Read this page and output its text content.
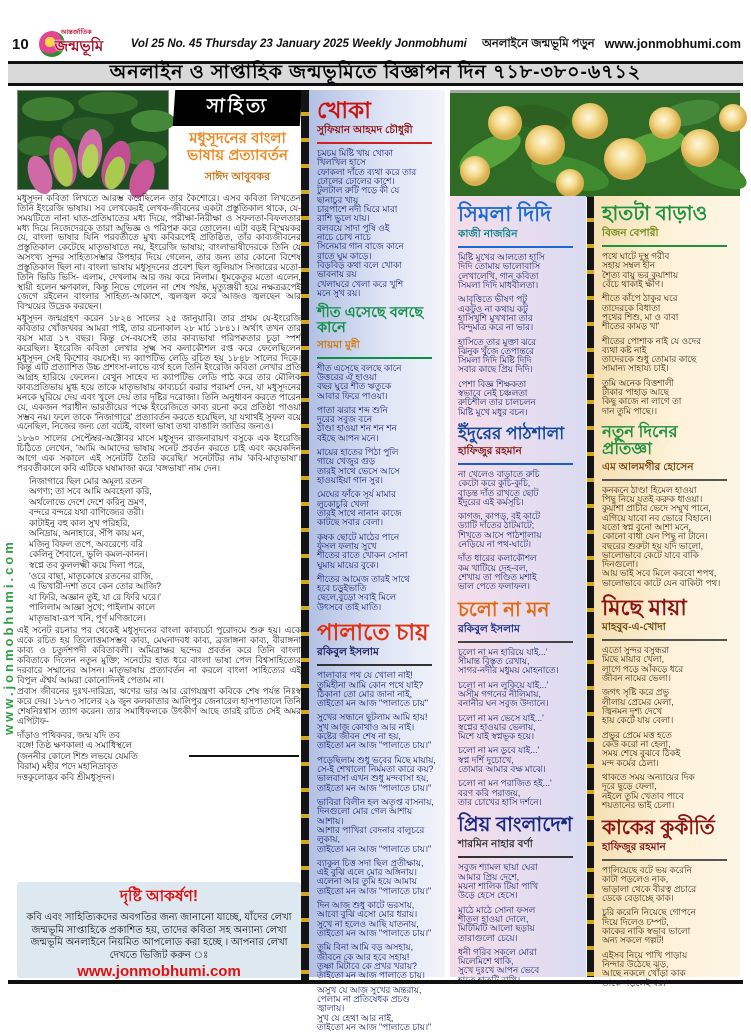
10
আন্তর্জাতিক
জন্মভূমি Vol 25 No. 45 Thursday 23 January 2025 Weekly Jonmobhumi অনলাইনে জন্মভূমি পড়ুন www.jonmobhumi.com
অনলাইন ও সাপ্তাহিক জন্মভূমিতে বিজ্ঞাপন দিন ৭১৮-৩৮০-৬৭১২
www.jonmobhumi.com
সাহিত্য
মধুসূদনের বাংলা ভাষায় প্রত্যাবর্তন
সাঈদ আবুবকর

মধুসূদন কবিতা লিখতে আরম্ভ করেছিলেন তার কৈশোরে। এসব কবিতা লিখতেন তিনি ইংরেজি ভাষায়। সব লেখকেরই লেখক-জীবনের একটা প্রস্তুতিকাল থাকে, যে-সময়টিতে নানা ঘাত-প্রতিঘাতের মধ্য দিয়ে, পরীক্ষা-নিরীক্ষা ও সফলতা-বিফলতার মধ্য দিয়ে নিজেদেরকে তারা অভিজ্ঞ ও পরিপক্ব করে তোলেন। এটা বড়ই বিস্ময়কর যে, বাংলা ভাষার যিনি পরবর্তীতে মুখ্য কবিরূপেই প্রতিষ্ঠিত, তাঁর কাব্যজীবনের প্রস্তুতিকাল কেটেছে মাতৃভাষাতে নয়, ইংরেজি ভাষায়; বাংলাভাষীদেরকে তিনি যে অসংখ্য সুন্দর সাহিত্যসম্ভার উপহার দিয়ে গেলেন, তার জন্য তার কোনো বিশেষ প্রস্তুতিকাল ছিল না। বাংলা ভাষায় মধুসূদনের প্রবেশ ছিল জুলিয়াস সিজারের মতো- তিনি ভিডি ভিসি- এলাম, দেখলাম আর জয় করে নিলাম। ধূমকেতুর মতো এলেন, স্থায়ী হলেন ক্ষণকাল, কিন্তু নিভে গেলেন না শেষ পর্যন্ত, মৃত্যুঞ্জয়ী হয়ে নক্ষত্ররূপেই জেগে রইলেন বাংলার সাহিত্য-আকাশে, জ্বলজ্বল করে আজও জ্বলছেন আর বিস্ময়ের উদ্রেক করছেন।

মধুসূদন জন্মগ্রহণ করেন ১৮২৪ সালের ২৫ জানুয়ারি। তার প্রথম যে-ইংরেজি কবিতার খোঁজখবর আমরা পাই, তার রচনাকাল ২৮ মার্চ ১৮৪১। অর্থাৎ তখন তার বয়স মাত্র ১৭ বছর। কিন্তু সে-বয়সেই তার কাব্যভাষা পরিপক্বতার চূড়া স্পর্শ করেছিল। ইংরেজি কবিতা লেখার সূক্ষ্ম সব কলাকৌশল রপ্ত করে ফেলেছিলেন মধুসূদন সেই কিশোর বয়সেই। দ্য ক্যাপটিভ লেডি রচিত হয় ১৮৪৮ সালের দিকে। কিন্তু এটি প্রত্যাশিত উচ্চ প্রশংসা-লাভে ব্যর্থ হলে তিনি ইংরেজি কবিতা লেখার প্রতি আগ্রহ হারিয়ে ফেলেন। বেথুন সাহেব দ্য ক্যাপটিভ লেডি পাঠ করে তার মৌলিক কাব্যপ্রতিভায় মুগ্ধ হয়ে তাকে মাতৃভাষায় কাব্যচর্চা করার পরামর্শ দেন, যা মধুসূদনের মনকে ঘুরিয়ে দেয় এবং খুলে দেয় তার দৃষ্টির দরোজা। তিনি অনুধাবন করতে পারেন যে, একজন পরাধীন ভারতীয়ের পক্ষে ইংরেজিতে কাব্য রচনা করে প্রতিষ্ঠা পাওয়া সম্ভব নয়। ফলে তাকে 'নিজাগারে' প্রত্যাবর্তন করতে হয়েছিল, যা যথার্থই সুফল বয়ে এনেছিল, নিজের জন্য তো বটেই, বাংলা ভাষা তথা বাঙালি জাতির জন্যও।

১৮৬০ সালের সেপ্টেম্বর-অক্টোবর মাসে মধুসূদন রাজনারায়ণ বসুকে এক ইংরেজি চিঠিতে লেখেন, 'আমি আমাদের ভাষায় সনেট প্রবর্তন করতে চাই এবং কয়েকদিন আগে এক সকালে এই সনেটটি তৈরি করেছি।' সনেটটির নাম 'কবি-মাতৃভাষা'। পরবর্তীকালে কবি এটিকে ঘষামাজা করে 'বঙ্গভাষা' নাম দেন।

নিজাগারে ছিল মোর অমূল্য রতন
অগণ্য; তা সবে আমি অবহেলা করি,
অর্থলোভে দেশে দেশে করিনু ভ্রমণ,
বন্দরে বন্দরে যথা বাণিজ্যের তরী।
কাটাইনু বহু কাল সুখ পরিহরি,
অনিদ্রায়, অনাহারে, সঁপি কায় মন,
মজিনু বিফল তপে, অবরেণ্যে বরি
কেলিনু শৈবালে, ভুলি কমল-কানন।
স্বপ্নে তব কুললক্ষ্মী কয়ে দিলা পরে,
'ওরে বাছা, মাতৃকোষে রতনের রাজি,
এ ভিখারী-দশা তবে কেন তোর আজি?
যা ফিরি, অজ্ঞান তুই, যা রে ফিরি ঘরে।'
পালিলাম আজ্ঞা সুখে; পাইলাম কালে
মাতৃভাষা-রূপ খনি, পূর্ণ মণিজালে।

এই সনেট রচনার পর থেকেই মধুসূদনের বাংলা কাব্যচর্চা পুরোদমে শুরু হয়। একে একে রচিত হয় তিলোত্তমাসম্ভব কাব্য, মেঘনাদবধ কাব্য, ব্রজাঙ্গনা কাব্য, বীরাঙ্গনা কাব্য ও চতুর্দশপদী কবিতাবলী। অমিত্রাক্ষর ছন্দের প্রবর্তন করে তিনি বাংলা কবিতাকে দিলেন নতুন মুক্তি; সনেটের হাত ধরে বাংলা ভাষা পেল বিশ্বসাহিত্যের দরবারে সম্মানের আসন। মাতৃভাষায় প্রত্যাবর্তন না করলে বাংলা সাহিত্যের এই বিপুল ঐশ্বর্য আমরা কোনোদিনই পেতাম না।

প্রবাস জীবনের দুঃখ-দারিদ্র্য, ঋণের ভার আর রোগযন্ত্রণা কবিকে শেষ পর্যন্ত নিঃস্ব করে দেয়। ১৮৭৩ সালের ২৯ জুন কলকাতার আলিপুর জেনারেল হাসপাতালে তিনি শেষনিঃশ্বাস ত্যাগ করেন। তার সমাধিফলকে উৎকীর্ণ আছে তারই রচিত সেই অমর এপিটাফ-

দাঁড়াও পথিকবর, জন্ম যদি তব
বঙ্গে! তিষ্ঠ ক্ষণকাল! এ সমাধিস্থলে
(জননীর কোলে শিশু লভয়ে যেমতি
বিরাম) মহীর পদে মহানিদ্রাবৃত
দত্তকুলোদ্ভব কবি শ্রীমধুসূদন।
দৃষ্টি আকর্ষণ!
কবি এবং সাহিত্যিকদের অবগতির জন্য জানানো যাচ্ছে, যাঁদের লেখা জন্মভূমি সাপ্তাহিকে প্রকাশিত হয়, তাদের কবিতা সহ অন্যান্য লেখা জন্মভূমি অনলাইনে নিয়মিত আপলোড করা হচ্ছে । আপনার লেখা দেখতে ভিজিট করুন ঃ
www.jonmobhumi.com
খোকা
সুফিয়ান আহমদ চৌধুরী
চমচম মিষ্টি খায় খোকা
খিলখিল হাসে
ফোকলা দাঁতে ব্যথা করে তার
ঢোলের ঢোলের কাশে।
টুলটাল রুটি পড়ে কী যে
ছানাচুর খায়
চারপাশে নদী ঘিরে মারা
রাশি ভুলে যায়।
বলবয়ে সাদা পুষি ওই
নাচে চোখ নাচে
সিনেমার গান বাজে কানে
রাতে ঘুম কাড়ে।
বিড়বিড় কথা বলে খোকা
ভাবনায় রয়
খেলাঘরে খেলা করে খুশি
মনে সুখ রয়।
শীত এসেছে বলছে কানে
সায়মা মুন্নী
শীত এসেছে বলছে কানে
উত্তরের ঐ হাওয়া
বছর ঘুরে শীত ঋতুকে
আবার ফিরে পাওয়া।
পাতা ঝরার শব্দ শুনি
দূরের সবুজ বনে
ঠাণ্ডা হাওয়া শন শন শন
বইছে আপন মনে।
মায়ের হাতের পিঠা পুলি
গায়ে খেজুর গুড়
তারই সাথে ভেসে আসে
হাওয়াইয়া গান সুর।
মেঘের ফাঁকে সূর্য মামার
লুকোচুরি খেলা
তারই সাথে নানান কাজে
কাটছে সবার বেলা।
কৃষক ছোটে মাঠের পানে
ফসল ফলায় সুখে
শীতের রাতে খোকন সোনা
ঘুমায় মায়ের বুকে।
শীতের আমেজ তারই সাথে
হবে চড়ুইভাতি
ছেলে,বুড়ো সবাই মিলে
উৎসবে তাই মাতি।
পালাতে চায়
রকিবুল ইসলাম
পালাবার পথ যে খোলা নাই!
তুমিহীনা আমি কোন পথে যাই?
ঠিকানা তো মোর জানা নাই,
তাইতো মন আজ "পালাতে চায়"
সুখের সন্ধানে ছুটলাম আমি হায়!
সুখ আজ কোথাও আর নাই।
কষ্টের জীবন শেষ না হয়,
তাইতো মন আজ "পালাতে চায়।"
পড়েছিলাম শুধু ভবের মিছে মায়ায়,
সে-ই শেখালো নির্মমতা কারে কয়?
ভালবাসা এখন শুধু মন্দবাসা হয়,
তাইতো মন আজ "পালাতে চায়।"
ভাবিরা বিলীন হল অতৃপ্ত বাসনায়,
দিনগুলো মোর গেল আশায় আশায়।
আশার পাখিরা বেদনার বালুচরে লুকায়,
তাইতো মন আজ "পালাতে চায়।"
ব্যাকুল চিত্ত সদা ছিল প্রতীক্ষায়,
এই বুঝি এলে মোর অঙ্গিনায়।
এলেনা আর তুমি হয়ে আমায়
তাইতো মন আজ "পালাতে চায়।"
দিন আজ শুধু কাটে ভরসায়,
আবো বুঝি এসো মোর ধরায়।
সুখে না হলেও আছি যাতনায়,
তাইতো মন আজ "পালাতে চায়।"
তুমি বিনা আমি বড় অসহায়,
জীবনে কে আর হবে সহায়!
তৃষ্ণা মিটাবে কে প্রখর খরায়?
তাইতো মন আজ পালাতে চায়।
অসুখ যে আজ সুখের অন্তরায়,
পেলাম না প্রতিষেধক প্রচণ্ড জ্বালায়।
সুখ যে হেথা আর নাই,
তাইতো মন আজ "পালাতে চায়।"
সিমলা দিদি
কাজী নাজরিন
মিষ্টি মুখের আলতো হাসি
দিদি তোমায় ভালোবাসি
লেখালেখি, গান কবিতা
সিমলা দিদি মাধবীলতা।
আবৃত্তিতে ভীষণ পটু
একটুও না কথায় কটু
হাসিখুশি মুখখানা তার
বিন্দুমাত্র করে না ভার।
হাসিতে তার মুক্তা ঝরে
ঝিনুক খুঁজে তেপান্তরে
সিমলা দিদি মিষ্টি দিদি
সবার কাছে প্রিয় দিদি।
পেশা বিজ্ঞ শিক্ষকতা
স্বভাবে নেই চঞ্চলতা
রুচিশীল তার চালচলন
মিষ্টি মুখে মধুর বচন।
ইঁদুরের পাঠশালা
হাফিজুর রহমান
না খেলেও বাড়াতে রুচি
কেটো করে কুচি-কুচি,
বাড়ন্ত দাঁত রাখতে ছোট
ইঁদুরের এই কর্মসূচি।
কাগজ, কাপড়, বই কাটে
ড্যাটি দাঁতের ঠাটমাটে;
শিখতে আসে পাঠশালায়
নেড়িয়ে না পথ-ঘাটে।
দাঁত ধারের কলাকৌশল
কম খাটিয়ে দেহ-বল,
শেখায় তা পণ্ডিত মশাই
ভাল পেতে ফলাফল।
চলো না মন
রকিবুল ইসলাম
চলো না মন হারিয়ে যাই...'
সীমান্ত বিস্তৃত রেখায়,
সাগর-নদীর মধুময় মোহনাতে।
চলো না মন লুকিয়ে যাই...'
অসীম গগনের নীলিমায়,
বনানীর ঘন সবুজ উদ্যানে।
চলো না মন ভেসে যাই...'
স্বপ্নের হাওয়ার ভেলায়,
মিশে যাই স্বপ্নভূক হয়ে।
চলো না মন ডুবে যাই...'
স্বপ্ন দর্শি দুচোখে,
তোমার আমার বক্ষ মাঝে।
চলো না মন পরাজিত হই...'
বরণ করি পরাজয়,
তার চোখের হাসি দর্শনে।
প্রিয় বাংলাদেশ
শারমিন নাহার বর্ণা
সবুজ শ্যামল ছায়া ঘেরা
আমার প্রিয় দেশে,
ময়না শালিক টিয়া পাখি
উড়ে হেসে হেসে।
মাঠে মাঠে সোনা ফসল
শীতল হাওয়া দোলে,
মিটিমিটি আলো ছড়ায়
তারাগুলো চেয়ে।
ধনী গরিব সকলে মোরা
মিলেমিশে থাকি,
সুখে দুঃখে আপন ভেবে
হাতটা বাড়াও
বিজন বেপারী
পথে ঘাটে দুস্থ গরীব
সহায় সম্বল হীন
শৈত্য বায়ু ভর কুয়াশায়
বেঁচে থাকাই ক্ষীণ।
শীতে কাঁপে ঠাকুর ঘরে
তাদেরকে বিধাতা
পথের শিশু, মা ও বাবা
শীতের কামড় খা'
শীতের পোশাক নাই যে ওদের
ব্যথা কষ্ট নাই
তাদেরকে শুধু তোমার কাছে
সামান্য সাহায্য চাই।
তুমি অনেক বিত্তশালী
টাকার পাহাড় আছে
কিছু কাজে না লাগে তা
দান তুমি পাছে।।
নতুন দিনের প্রতিজ্ঞা
এম আলমগীর হোসেন
কনকনে ঠাণ্ডা হিমেল হাওয়া
পিছু নিয়ে যতই করুক ধাওয়া।
কুয়াশা প্রাচীর ভেদে সম্মুখ পানে,
এগিয়ে যাবো নব ভোরে বিহানে।
যতো স্বপ্ন বুনো আশা মনে,
কোনো বাধা যেন পিছু না টানে।
বছরের শুরুটা হয় যদি ভালো,
ভালোভাবে কেটে যাবে বাকি দিনগুলো।
আয় ভাই সবে মিলে করবো শপথ,
ভালোভাবে কাটে যেন বাকিটা পথ।
মিছে মায়া
মাহবুব-এ-খোদা
এতো সুন্দর বসুন্ধরা
মিছে মায়ার খেলা,
লাগে পড়ে আঁকড়ে ধরে
জীবন নামের ভেলা।
জগৎ সৃষ্টি করে প্রভু
লীলায় প্রেমের মেলা,
জ্বিনমন দৃশ্য দেখে
হায় কেটে যায় বেলা।
প্রভুর প্রেমে মত্ত হতে
কেউ করো না হেলা,
সময় শেষে বুঝবে ঠিকই
মন্দ কর্মের ঠেলা।
থাকতে সময় অন্যায়ের দিক
দূরে ছুড়ে ফেলা,
নইলে তুমি খেতাব পাবে
শয়তানের ভাই চেলা।
কাকের কুকীর্তি
হাফিজুর রহমান
পালিয়েছে বটে ভয় করেনি
কাটা পড়লেও নাক,
ভাড়ালা থেকে বীরত্ব প্রচারে
ডেকে বেড়াচ্ছে কাক।
চুরি করেনি নিয়েছে গোপনে
দিয়ে দিলেও চম্পট,
কাকের নাকি স্বভাব ভালো
অন্য সকলে গল্পট!
এইসব নিয়ে পাখি পাড়ায়
নিন্দার উঠেছে ঝড়,
আছে নকলে খোঁড়া কাক
